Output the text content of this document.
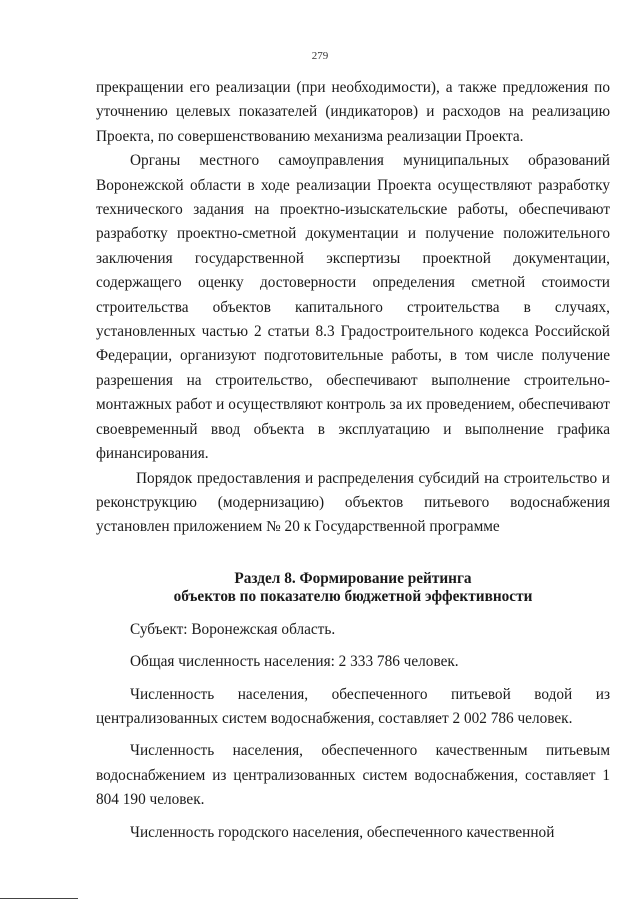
279

прекращении его реализации (при необходимости), а также предложения по уточнению целевых показателей (индикаторов) и расходов на реализацию Проекта, по совершенствованию механизма реализации Проекта.

Органы местного самоуправления муниципальных образований Воронежской области в ходе реализации Проекта осуществляют разработку технического задания на проектно-изыскательские работы, обеспечивают разработку проектно-сметной документации и получение положительного заключения государственной экспертизы проектной документации, содержащего оценку достоверности определения сметной стоимости строительства объектов капитального строительства в случаях, установленных частью 2 статьи 8.3 Градостроительного кодекса Российской Федерации, организуют подготовительные работы, в том числе получение разрешения на строительство, обеспечивают выполнение строительно-монтажных работ и осуществляют контроль за их проведением, обеспечивают своевременный ввод объекта в эксплуатацию и выполнение графика финансирования.

Порядок предоставления и распределения субсидий на строительство и реконструкцию (модернизацию) объектов питьевого водоснабжения установлен приложением № 20 к Государственной программе

Раздел 8. Формирование рейтинга
объектов по показателю бюджетной эффективности

Субъект: Воронежская область.

Общая численность населения: 2 333 786 человек.

Численность населения, обеспеченного питьевой водой из централизованных систем водоснабжения, составляет 2 002 786 человек.

Численность населения, обеспеченного качественным питьевым водоснабжением из централизованных систем водоснабжения, составляет 1 804 190 человек.

Численность городского населения, обеспеченного качественной
